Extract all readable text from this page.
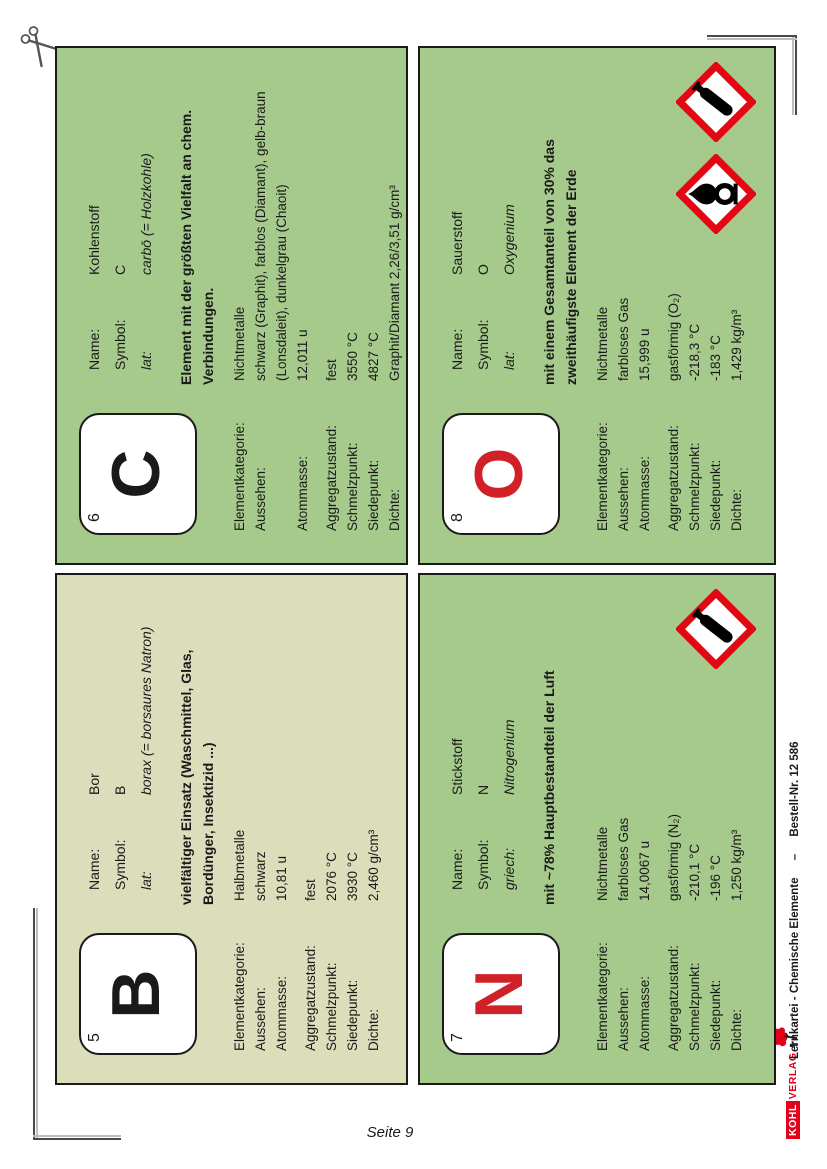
KOHL
VERLAG
Lernkartei - Chemische Elemente – Bestell-Nr. 12 586
5
B
Name:Bor
Symbol:B
lat:borax (= borsaures Natron)	vielfältiger Einsatz (Waschmittel, Glas, Bordünger, Insektizid ...)
Elementkategorie:
Halbmetalle
Aussehen:
schwarz
Atommasse:
10,81 u
Aggregatzustand:
fest
Schmelzpunkt:
2076 °C
Siedepunkt:
3930 °C
Dichte:
2,460 g/cm³
6
C
Name:Kohlenstoff
Symbol:C
lat:carbō (= Holzkohle)	Element mit der größten Vielfalt an chem. Verbindungen.
Elementkategorie:
Nichtmetalle
Aussehen:
schwarz (Graphit), farblos (Diamant), gelb-braun (Lonsdaleit), dunkelgrau (Chaoit)
Atommasse:
12,011 u
Aggregatzustand:
fest
Schmelzpunkt:
3550 °C
Siedepunkt:
4827 °C
Dichte:
Graphit/Diamant 2,26/3,51 g/cm³
7
N
Name:Stickstoff
Symbol:N
griech:Nitrogenium	mit ~78% Hauptbestandteil der Luft
Elementkategorie:
Nichtmetalle
Aussehen:
farbloses Gas
Atommasse:
14,0067 u
Aggregatzustand:
gasförmig (N₂)
Schmelzpunkt:
-210,1 °C
Siedepunkt:
-196 °C
Dichte:
1,250 kg/m³
8
O
Name:Sauerstoff
Symbol:O
lat:Oxygenium	mit einem Gesamtanteil von 30% das zweithäufigste Element der Erde
Elementkategorie:
Nichtmetalle
Aussehen:
farbloses Gas
Atommasse:
15,999 u
Aggregatzustand:
gasförmig (O₂)
Schmelzpunkt:
-218,3 °C
Siedepunkt:
-183 °C
Dichte:
1,429 kg/m³
Seite 9
